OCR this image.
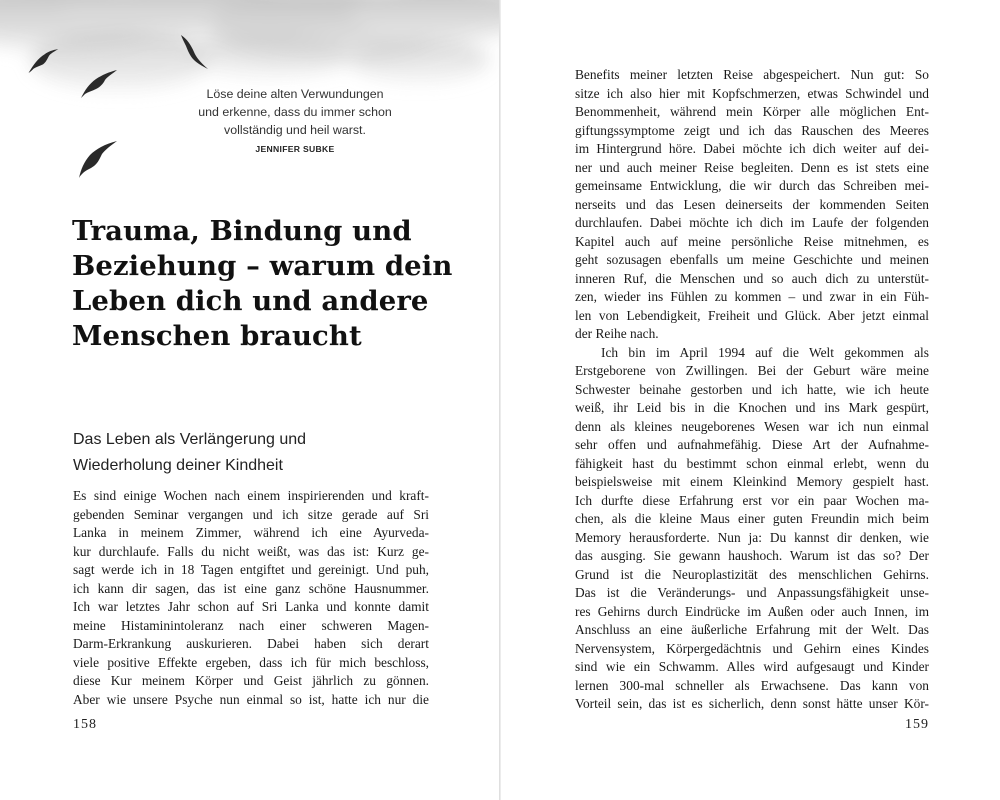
Löse deine alten Verwundungen
und erkenne, dass du immer schon
vollständig und heil warst.
JENNIFER SUBKE
Trauma, Bindung und
Beziehung – warum dein
Leben dich und andere
Menschen braucht
Das Leben als Verlängerung und
Wiederholung deiner Kindheit
Es sind einige Wochen nach einem inspirierenden und kraft-
gebenden Seminar vergangen und ich sitze gerade auf Sri
Lanka in meinem Zimmer, während ich eine Ayurveda-
kur durchlaufe. Falls du nicht weißt, was das ist: Kurz ge-
sagt werde ich in 18 Tagen entgiftet und gereinigt. Und puh,
ich kann dir sagen, das ist eine ganz schöne Hausnummer.
Ich war letztes Jahr schon auf Sri Lanka und konnte damit
meine Histaminintoleranz nach einer schweren Magen-
Darm-Erkrankung auskurieren. Dabei haben sich derart
viele positive Effekte ergeben, dass ich für mich beschloss,
diese Kur meinem Körper und Geist jährlich zu gönnen.
Aber wie unsere Psyche nun einmal so ist, hatte ich nur die
158
Benefits meiner letzten Reise abgespeichert. Nun gut: So
sitze ich also hier mit Kopfschmerzen, etwas Schwindel und
Benommenheit, während mein Körper alle möglichen Ent-
giftungssymptome zeigt und ich das Rauschen des Meeres
im Hintergrund höre. Dabei möchte ich dich weiter auf dei-
ner und auch meiner Reise begleiten. Denn es ist stets eine
gemeinsame Entwicklung, die wir durch das Schreiben mei-
nerseits und das Lesen deinerseits der kommenden Seiten
durchlaufen. Dabei möchte ich dich im Laufe der folgenden
Kapitel auch auf meine persönliche Reise mitnehmen, es
geht sozusagen ebenfalls um meine Geschichte und meinen
inneren Ruf, die Menschen und so auch dich zu unterstüt-
zen, wieder ins Fühlen zu kommen – und zwar in ein Füh-
len von Lebendigkeit, Freiheit und Glück. Aber jetzt einmal
der Reihe nach.
Ich bin im April 1994 auf die Welt gekommen als
Erstgeborene von Zwillingen. Bei der Geburt wäre meine
Schwester beinahe gestorben und ich hatte, wie ich heute
weiß, ihr Leid bis in die Knochen und ins Mark gespürt,
denn als kleines neugeborenes Wesen war ich nun einmal
sehr offen und aufnahmefähig. Diese Art der Aufnahme-
fähigkeit hast du bestimmt schon einmal erlebt, wenn du
beispielsweise mit einem Kleinkind Memory gespielt hast.
Ich durfte diese Erfahrung erst vor ein paar Wochen ma-
chen, als die kleine Maus einer guten Freundin mich beim
Memory herausforderte. Nun ja: Du kannst dir denken, wie
das ausging. Sie gewann haushoch. Warum ist das so? Der
Grund ist die Neuroplastizität des menschlichen Gehirns.
Das ist die Veränderungs- und Anpassungsfähigkeit unse-
res Gehirns durch Eindrücke im Außen oder auch Innen, im
Anschluss an eine äußerliche Erfahrung mit der Welt. Das
Nervensystem, Körpergedächtnis und Gehirn eines Kindes
sind wie ein Schwamm. Alles wird aufgesaugt und Kinder
lernen 300-mal schneller als Erwachsene. Das kann von
Vorteil sein, das ist es sicherlich, denn sonst hätte unser Kör-
159
